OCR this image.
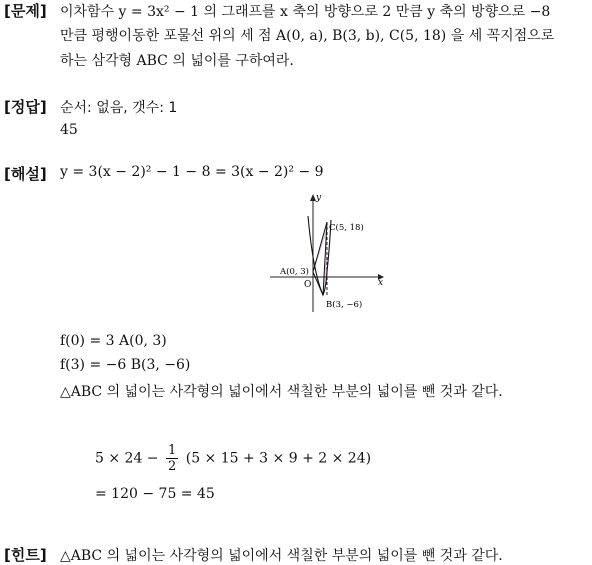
[문제] 이차함수 y = 3x² − 1 의 그래프를 x 축의 방향으로 2 만큼 y 축의 방향으로 −8
만큼 평행이동한 포물선 위의 세 점 A(0, a), B(3, b), C(5, 18) 을 세 꼭지점으로
하는 삼각형 ABC 의 넓이를 구하여라.
[정답] 순서: 없음, 갯수: 1
45
[해설] y = 3(x − 2)² − 1 − 8 = 3(x − 2)² − 9
y
x
O
A(0, 3)
B(3, −6)
C(5, 18)
f(0) = 3 A(0, 3)
f(3) = −6 B(3, −6)
△ABC 의 넓이는 사각형의 넓이에서 색칠한 부분의 넓이를 뺀 것과 같다.
$5 \times 24 - \frac{1}{2} (5 \times 15 + 3 \times 9 + 2 \times 24)$
= 120 − 75 = 45
[힌트] △ABC 의 넓이는 사각형의 넓이에서 색칠한 부분의 넓이를 뺀 것과 같다.
